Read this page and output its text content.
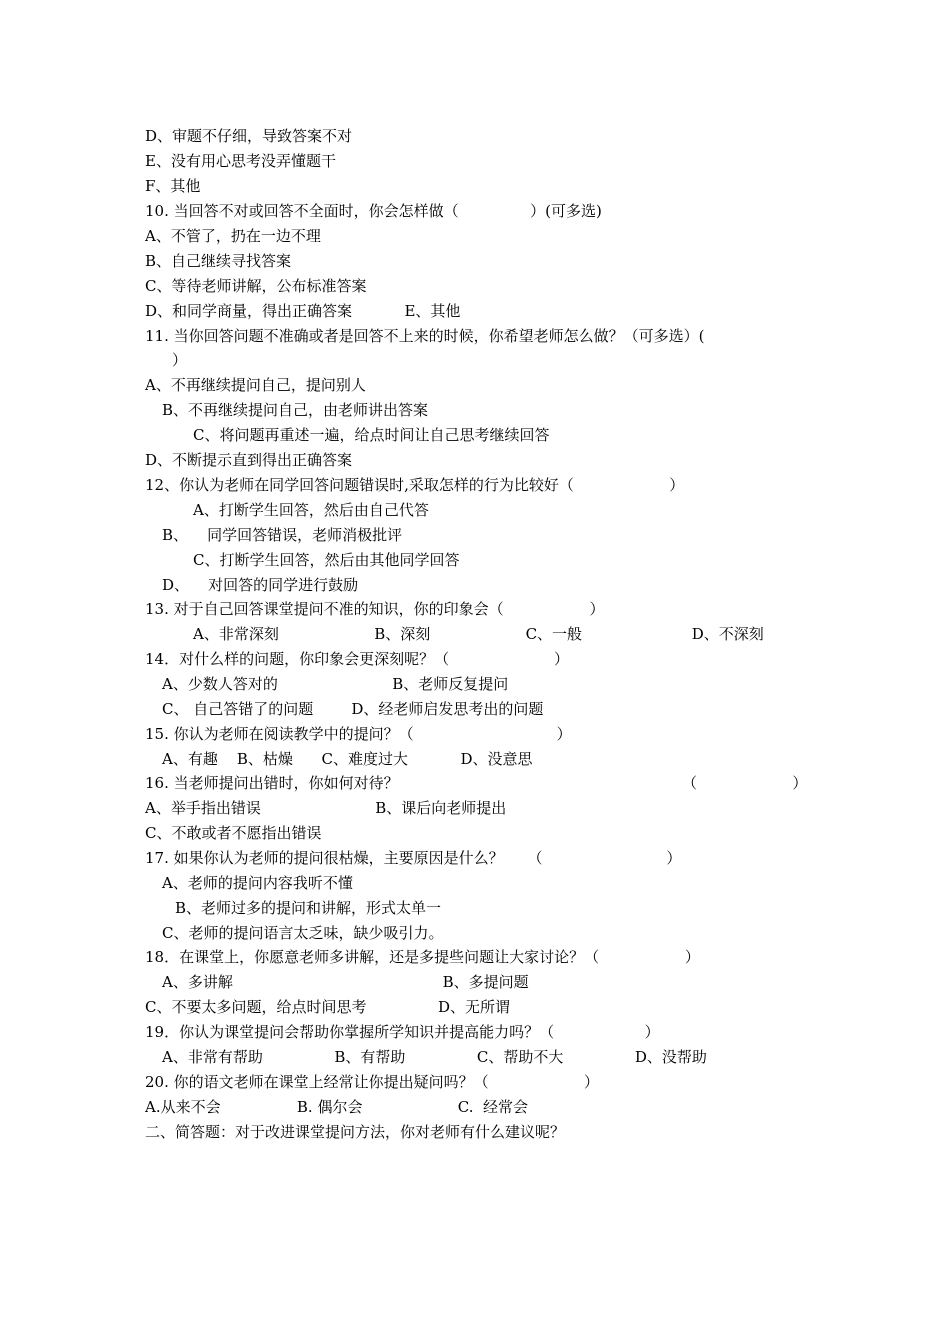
D、审题不仔细，导致答案不对
E、没有用心思考没弄懂题干
F、其他
10. 当回答不对或回答不全面时，你会怎样做（               ）(可多选)
A、不管了，扔在一边不理
B、自己继续寻找答案
C、等待老师讲解，公布标准答案
D、和同学商量，得出正确答案           E、其他
11. 当你回答问题不准确或者是回答不上来的时候，你希望老师怎么做？（可多选）(
）
A、不再继续提问自己，提问别人
B、不再继续提问自己，由老师讲出答案
C、将问题再重述一遍，给点时间让自己思考继续回答
D、不断提示直到得出正确答案
12、你认为老师在同学回答问题错误时,采取怎样的行为比较好（                    ）
A、打断学生回答，然后由自己代答
B、    同学回答错误，老师消极批评
C、打断学生回答，然后由其他同学回答
D、    对回答的同学进行鼓励
13. 对于自己回答课堂提问不准的知识，你的印象会（                  ）
A、非常深刻                    B、深刻                    C、一般                       D、不深刻
14．对什么样的问题，你印象会更深刻呢？（                      ）
A、少数人答对的                        B、老师反复提问
C、 自己答错了的问题        D、经老师启发思考出的问题
15. 你认为老师在阅读教学中的提问？（                              ）
A、有趣    B、枯燥      C、难度过大           D、没意思
16. 当老师提问出错时，你如何对待？	（                    ）
A、举手指出错误                        B、课后向老师提出
C、不敢或者不愿指出错误
17. 如果你认为老师的提问很枯燥，主要原因是什么？     （                          ）
A、老师的提问内容我听不懂
B、老师过多的提问和讲解，形式太单一
C、老师的提问语言太乏味，缺少吸引力。
18．在课堂上，你愿意老师多讲解，还是多提些问题让大家讨论？（                  ）
A、多讲解                                            B、多提问题
C、不要太多问题，给点时间思考               D、无所谓
19．你认为课堂提问会帮助你掌握所学知识并提高能力吗？（                   ）
A、非常有帮助               B、有帮助               C、帮助不大               D、没帮助
20. 你的语文老师在课堂上经常让你提出疑问吗？（                    ）
A.从来不会                B. 偶尔会                    C.  经常会
二、简答题：对于改进课堂提问方法，你对老师有什么建议呢？
